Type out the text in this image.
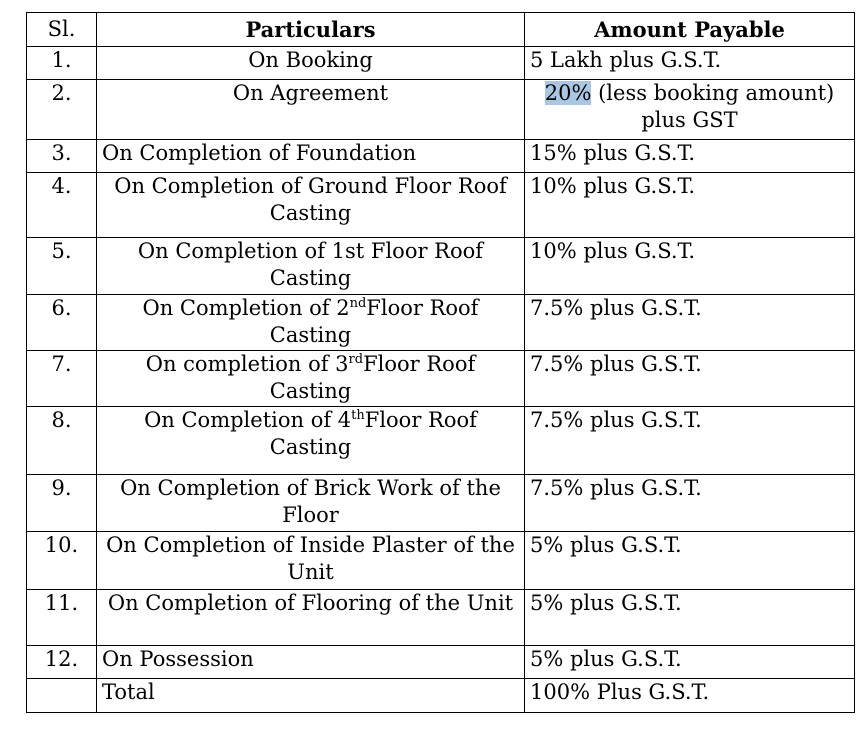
Sl.	Particulars	Amount Payable
1.	On Booking	5 Lakh plus G.S.T.
2.	On Agreement	20% (less booking amount) plus GST
3.	On Completion of Foundation	15% plus G.S.T.
4.	On Completion of Ground Floor Roof Casting	10% plus G.S.T.
5.	On Completion of 1st Floor Roof Casting	10% plus G.S.T.
6.	On Completion of 2ndFloor Roof Casting	7.5% plus G.S.T.
7.	On completion of 3rdFloor Roof Casting	7.5% plus G.S.T.
8.	On Completion of 4thFloor Roof Casting	7.5% plus G.S.T.
9.	On Completion of Brick Work of the Floor	7.5% plus G.S.T.
10.	On Completion of Inside Plaster of the Unit	5% plus G.S.T.
11.	On Completion of Flooring of the Unit	5% plus G.S.T.
12.	On Possession	5% plus G.S.T.
	Total	100% Plus G.S.T.
